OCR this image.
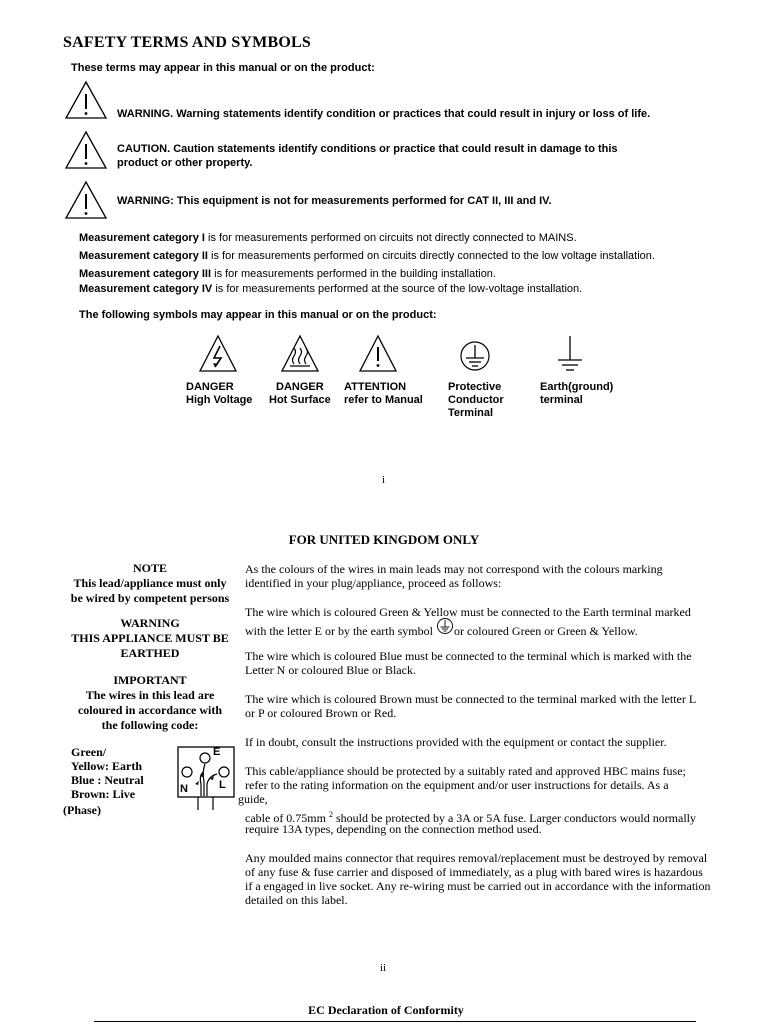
SAFETY TERMS AND SYMBOLS
These terms may appear in this manual or on the product:
WARNING. Warning statements identify condition or practices that could result in injury or loss of life.
CAUTION. Caution statements identify conditions or practice that could result in damage to this
product or other property.
WARNING: This equipment is not for measurements performed for CAT II, III and IV.
Measurement category I is for measurements performed on circuits not directly connected to MAINS.
Measurement category II is for measurements performed on circuits directly connected to the low voltage installation.
Measurement category III is for measurements performed in the building installation.
Measurement category IV is for measurements performed at the source of the low-voltage installation.
The following symbols may appear in this manual or on the product:
DANGER
High Voltage
DANGER
Hot Surface
ATTENTION
refer to Manual
Protective
Conductor
Terminal
Earth(ground)
terminal
i
FOR UNITED KINGDOM ONLY
NOTE
This lead/appliance must only
be wired by competent persons
WARNING
THIS APPLIANCE MUST BE
EARTHED
IMPORTANT
The wires in this lead are
coloured in accordance with
the following code:
Green/
Yellow: Earth
Blue : Neutral
Brown: Live
(Phase)
E
N	L
As the colours of the wires in main leads may not correspond with the colours marking
identified in your plug/appliance, proceed as follows:
The wire which is coloured Green & Yellow must be connected to the Earth terminal marked
with the letter E or by the earth symbol or coloured Green or Green & Yellow.
The wire which is coloured Blue must be connected to the terminal which is marked with the
Letter N or coloured Blue or Black.
The wire which is coloured Brown must be connected to the terminal marked with the letter L
or P or coloured Brown or Red.
If in doubt, consult the instructions provided with the equipment or contact the supplier.
This cable/appliance should be protected by a suitably rated and approved HBC mains fuse;
refer to the rating information on the equipment and/or user instructions for details. As a
guide,
cable of 0.75mm $^2$ should be protected by a 3A or 5A fuse. Larger conductors would normally
require 13A types, depending on the connection method used.
Any moulded mains connector that requires removal/replacement must be destroyed by removal
of any fuse & fuse carrier and disposed of immediately, as a plug with bared wires is hazardous
if a engaged in live socket. Any re-wiring must be carried out in accordance with the information
detailed on this label.
ii
EC Declaration of Conformity
